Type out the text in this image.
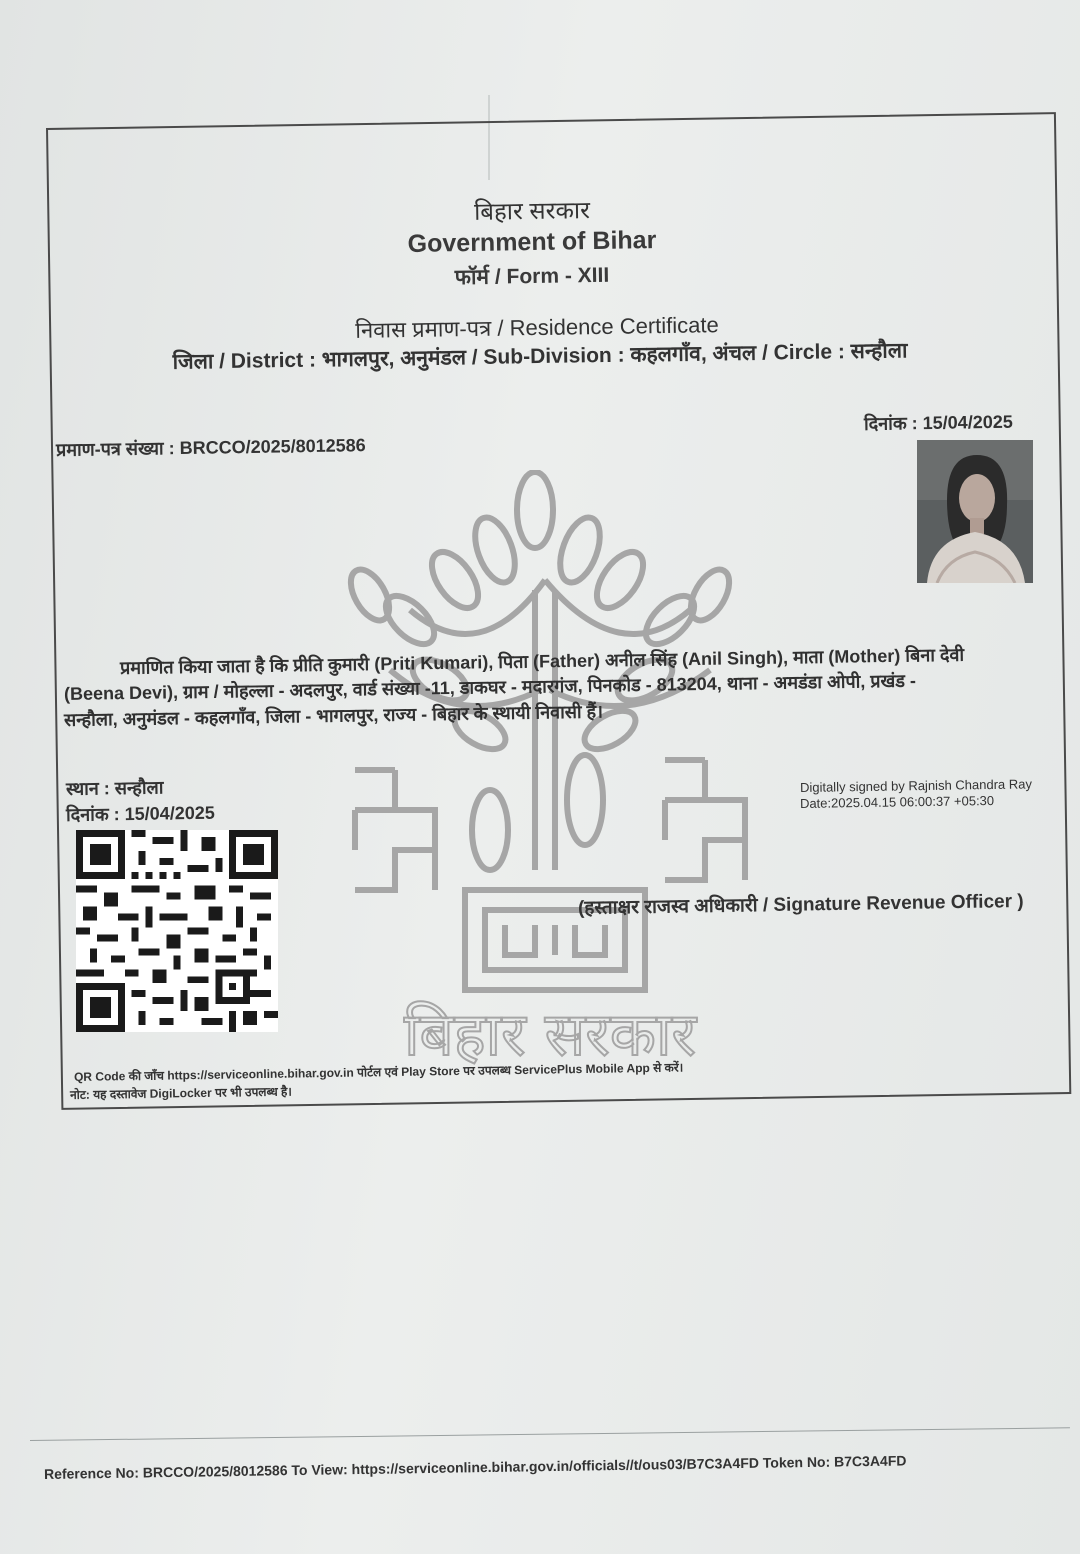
बिहार सरकार
बिहार सरकार
Government of Bihar
फॉर्म / Form - XIII
निवास प्रमाण-पत्र / Residence Certificate
जिला / District : भागलपुर, अनुमंडल / Sub-Division : कहलगाँव, अंचल / Circle : सन्हौला
दिनांक : 15/04/2025
प्रमाण-पत्र संख्या : BRCCO/2025/8012586
प्रमाणित किया जाता है कि प्रीति कुमारी (Priti Kumari), पिता (Father) अनील सिंह (Anil Singh), माता (Mother) बिना देवी
(Beena Devi), ग्राम / मोहल्ला - अदलपुर, वार्ड संख्या -11, डाकघर - मदारगंज, पिनकोड - 813204, थाना - अमडंडा ओपी, प्रखंड -
सन्हौला, अनुमंडल - कहलगाँव, जिला - भागलपुर, राज्य - बिहार के स्थायी निवासी हैं।
स्थान : सन्हौला
दिनांक : 15/04/2025
Digitally signed by Rajnish Chandra Ray
Date:2025.04.15 06:00:37 +05:30
(हस्ताक्षर राजस्व अधिकारी / Signature Revenue Officer )
QR Code की जाँच https://serviceonline.bihar.gov.in पोर्टल एवं Play Store पर उपलब्ध ServicePlus Mobile App से करें।
नोट: यह दस्तावेज DigiLocker पर भी उपलब्ध है।
Reference No: BRCCO/2025/8012586 To View: https://serviceonline.bihar.gov.in/officials//t/ous03/B7C3A4FD Token No: B7C3A4FD
